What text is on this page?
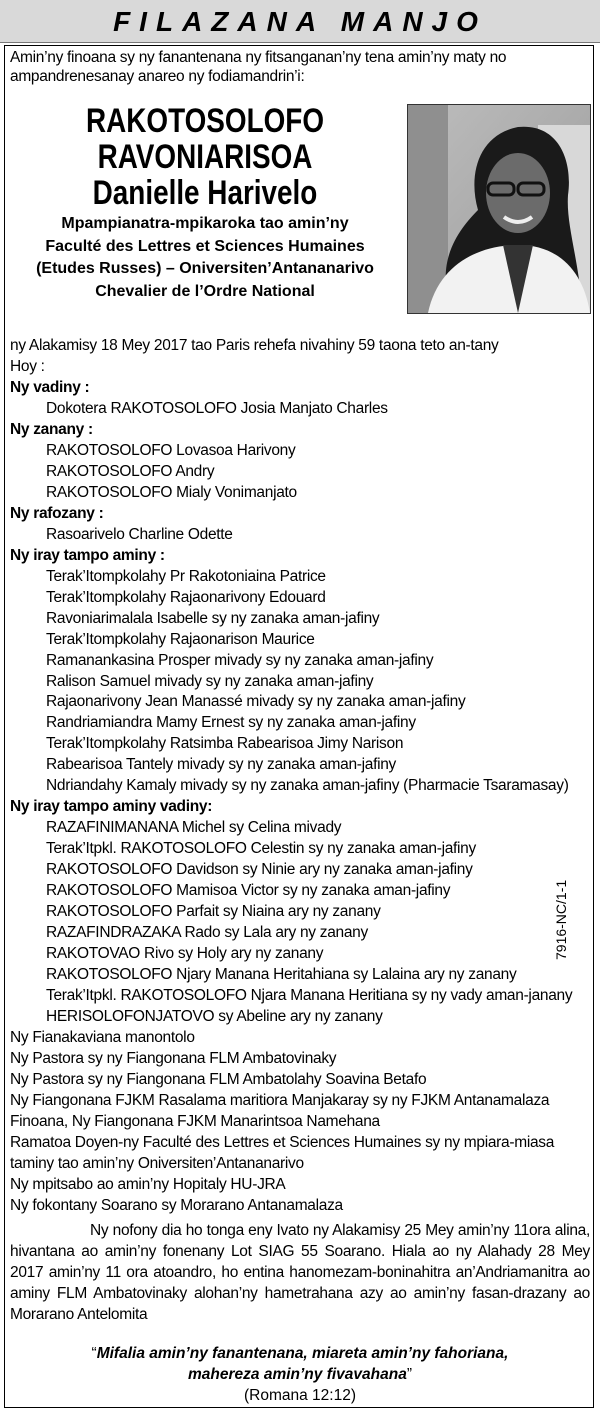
FILAZANA MANJO
Amin’ny finoana sy ny fanantenana ny fitsanganan’ny tena amin’ny maty no ampandrenesanay anareo ny fodiamandrin’i:
RAKOTOSOLOFO
RAVONIARISOA
Danielle Harivelo
Mpampianatra-mpikaroka tao amin’ny
Faculté des Lettres et Sciences Humaines
(Etudes Russes) – Oniversiten’Antananarivo
Chevalier de l’Ordre National
ny Alakamisy 18 Mey 2017 tao Paris rehefa nivahiny 59 taona teto an-tany
Hoy :
Ny vadiny :
Dokotera RAKOTOSOLOFO Josia Manjato Charles
Ny zanany :
RAKOTOSOLOFO Lovasoa Harivony
RAKOTOSOLOFO Andry
RAKOTOSOLOFO Mialy Vonimanjato
Ny rafozany :
Rasoarivelo Charline Odette
Ny iray tampo aminy :
Terak’Itompkolahy Pr Rakotoniaina Patrice
Terak’Itompkolahy Rajaonarivony Edouard
Ravoniarimalala Isabelle sy ny zanaka aman-jafiny
Terak’Itompkolahy Rajaonarison Maurice
Ramanankasina Prosper mivady sy ny zanaka aman-jafiny
Ralison Samuel mivady sy ny zanaka aman-jafiny
Rajaonarivony Jean Manassé mivady sy ny zanaka aman-jafiny
Randriamiandra Mamy Ernest sy ny zanaka aman-jafiny
Terak’Itompkolahy Ratsimba Rabearisoa Jimy Narison
Rabearisoa Tantely mivady sy ny zanaka aman-jafiny
Ndriandahy Kamaly mivady sy ny zanaka aman-jafiny (Pharmacie Tsaramasay)
Ny iray tampo aminy vadiny:
RAZAFINIMANANA Michel sy Celina mivady
Terak’Itpkl. RAKOTOSOLOFO Celestin sy ny zanaka aman-jafiny
RAKOTOSOLOFO Davidson sy Ninie ary ny zanaka aman-jafiny
RAKOTOSOLOFO Mamisoa Victor sy ny zanaka aman-jafiny
RAKOTOSOLOFO Parfait sy Niaina ary ny zanany
RAZAFINDRAZAKA Rado sy Lala ary ny zanany
RAKOTOVAO Rivo sy Holy ary ny zanany
RAKOTOSOLOFO Njary Manana Heritahiana sy Lalaina ary ny zanany
Terak’Itpkl. RAKOTOSOLOFO Njara Manana Heritiana sy ny vady aman-janany
HERISOLOFONJATOVO sy Abeline ary ny zanany
Ny Fianakaviana manontolo
Ny Pastora sy ny Fiangonana FLM Ambatovinaky
Ny Pastora sy ny Fiangonana FLM Ambatolahy Soavina Betafo
Ny Fiangonana FJKM Rasalama maritiora Manjakaray sy ny FJKM Antanamalaza
Finoana, Ny Fiangonana FJKM Manarintsoa Namehana
Ramatoa Doyen-ny Faculté des Lettres et Sciences Humaines sy ny mpiara-miasa
taminy tao amin’ny Oniversiten’Antananarivo
Ny mpitsabo ao amin’ny Hopitaly HU-JRA
Ny fokontany Soarano sy Morarano Antanamalaza
7916-NC/1-1
Ny nofony dia ho tonga eny Ivato ny Alakamisy 25 Mey amin’ny 11ora alina, hivantana ao amin’ny fonenany Lot SIAG 55 Soarano. Hiala ao ny Alahady 28 Mey 2017 amin’ny 11 ora atoandro, ho entina hanomezam-boninahitra an’Andriamanitra ao aminy FLM Ambatovinaky alohan’ny hametrahana azy ao amin’ny fasan-drazany ao Morarano Antelomita
“Mifalia amin’ny fanantenana, miareta amin’ny fahoriana,
mahereza amin’ny fivavahana”
(Romana 12:12)
